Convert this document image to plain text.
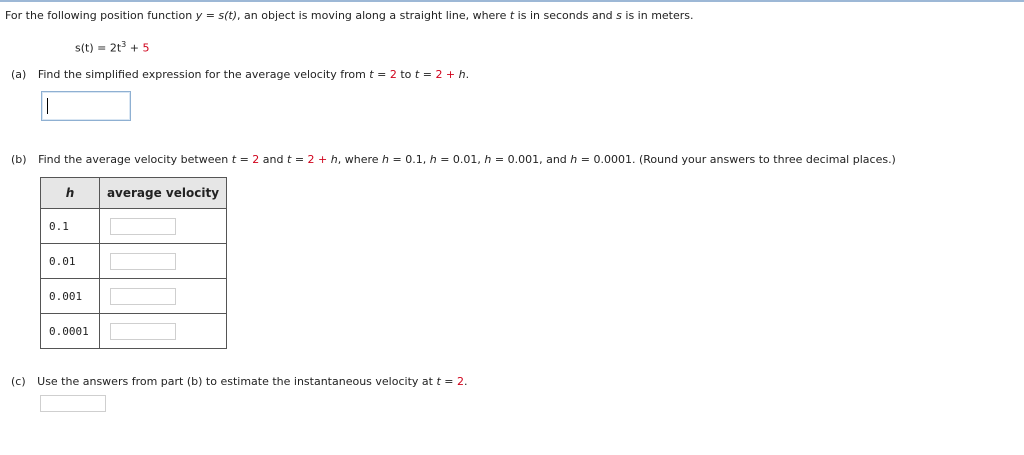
For the following position function y = s(t), an object is moving along a straight line, where t is in seconds and s is in meters.
$s(t) = 2t^3 + 5$
(a) Find the simplified expression for the average velocity from t = 2 to t = 2 + h.
(b) Find the average velocity between t = 2 and t = 2 + h, where h = 0.1, h = 0.01, h = 0.001, and h = 0.0001. (Round your answers to three decimal places.)
h	average velocity
0.1	

0.01	

0.001	

0.0001	
(c) Use the answers from part (b) to estimate the instantaneous velocity at t = 2.
